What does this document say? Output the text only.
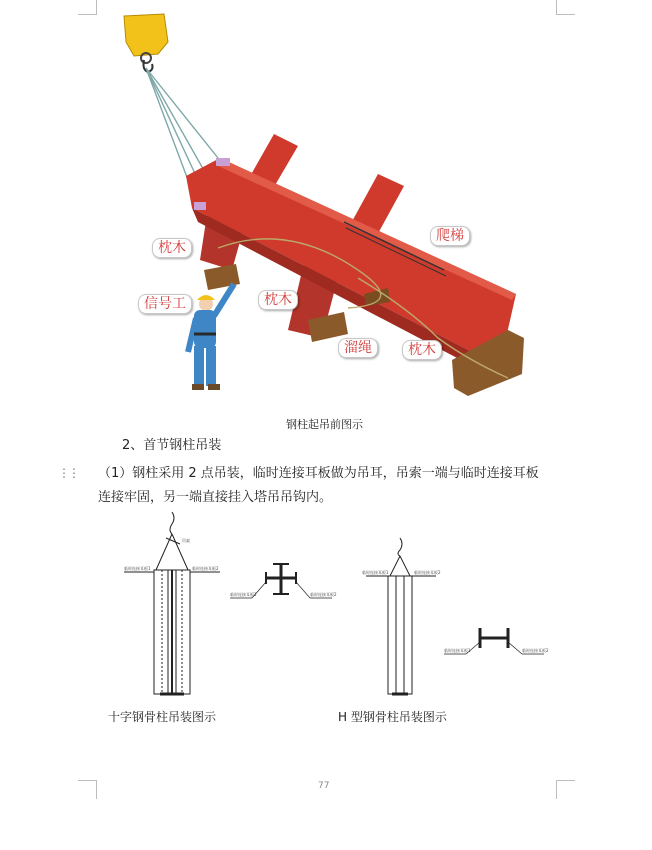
枕木
信号工	枕木
爬梯
溜绳	枕木
钢柱起吊前图示
2、首节钢柱吊装
⋮⋮ （1）钢柱采用 2 点吊装，临时连接耳板做为吊耳，吊索一端与临时连接耳板
连接牢固，另一端直接挂入塔吊吊钩内。
吊索
临时连接耳板1	临时连接耳板2
临时连接耳板1	临时连接耳板2
临时连接耳板1	临时连接耳板2
临时连接耳板1	临时连接耳板2
十字钢骨柱吊装图示	H 型钢骨柱吊装图示
77
